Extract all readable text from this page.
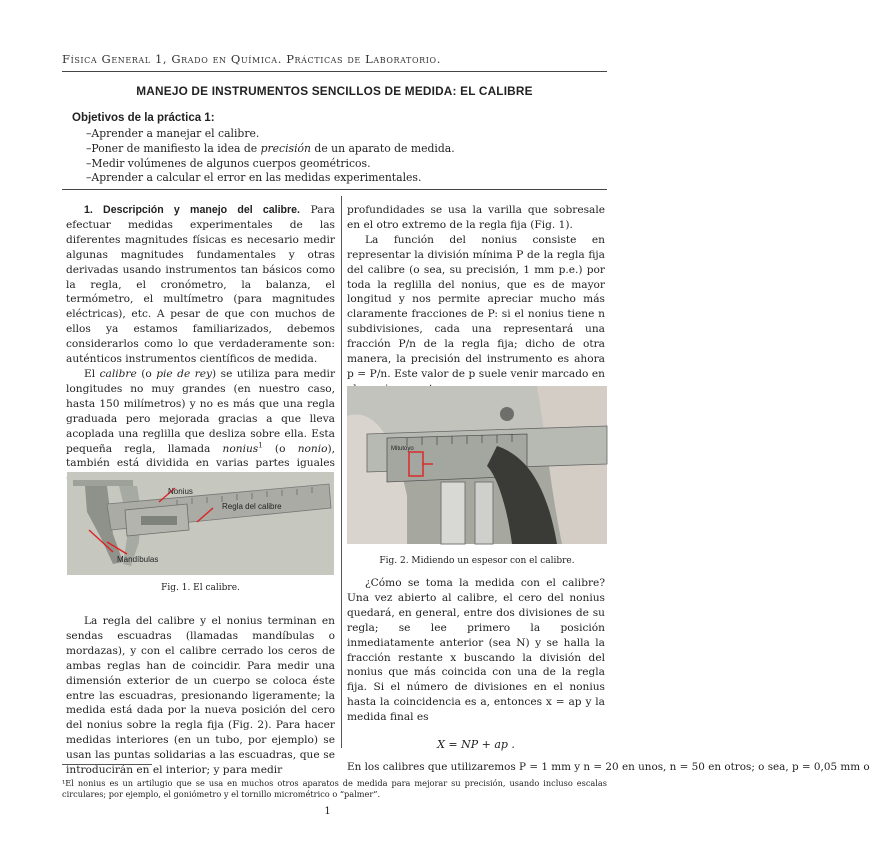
Física General 1, Grado en Química. Prácticas de Laboratorio.
MANEJO DE INSTRUMENTOS SENCILLOS DE MEDIDA: EL CALIBRE
Objetivos de la práctica 1:
–Aprender a manejar el calibre.
–Poner de manifiesto la idea de precisión de un aparato de medida.
–Medir volúmenes de algunos cuerpos geométricos.
–Aprender a calcular el error en las medidas experimentales.

1. Descripción y manejo del calibre. Para efectuar medidas experimentales de las diferentes magnitudes físicas es necesario medir algunas magnitudes fundamentales y otras derivadas usando instrumentos tan básicos como la regla, el cronómetro, la balanza, el termómetro, el multímetro (para magnitudes eléctricas), etc. A pesar de que con muchos de ellos ya estamos familiarizados, debemos considerarlos como lo que verdaderamente son: auténticos instrumentos científicos de medida.

El calibre (o pie de rey) se utiliza para medir longitudes no muy grandes (en nuestro caso, hasta 150 milímetros) y no es más que una regla graduada pero mejorada gracias a que lleva acoplada una reglilla que desliza sobre ella. Esta pequeña regla, llamada nonius$^1$ (o nonio), también está dividida en varias partes iguales

Nonius
Regla del calibre
Mandíbulas
Fig. 1. El calibre.

La regla del calibre y el nonius terminan en sendas escuadras (llamadas mandíbulas o mordazas), y con el calibre cerrado los ceros de ambas reglas han de coincidir. Para medir una dimensión exterior de un cuerpo se coloca éste entre las escuadras, presionando ligeramente; la medida está dada por la nueva posición del cero del nonius sobre la regla fija (Fig. 2). Para hacer medidas interiores (en un tubo, por ejemplo) se usan las puntas solidarias a las escuadras, que se introducirán en el interior; y para medir

profundidades se usa la varilla que sobresale en el otro extremo de la regla fija (Fig. 1).

La función del nonius consiste en representar la división mínima P de la regla fija del calibre (o sea, su precisión, 1 mm p.e.) por toda la reglilla del nonius, que es de mayor longitud y nos permite apreciar mucho más claramente fracciones de P: si el nonius tiene n subdivisiones, cada una representará una fracción P/n de la regla fija; dicho de otra manera, la precisión del instrumento es ahora p = P/n. Este valor de p suele venir marcado en

Mitutoyo
Fig. 2. Midiendo un espesor con el calibre.

¿Cómo se toma la medida con el calibre? Una vez abierto al calibre, el cero del nonius quedará, en general, entre dos divisiones de su regla; se lee primero la posición inmediatamente anterior (sea N) y se halla la fracción restante x buscando la división del nonius que más coincida con una de la regla fija. Si el número de divisiones en el nonius hasta la coincidencia es a, entonces x = ap y la medida final es

X = NP + ap .

En los calibres que utilizaremos P = 1 mm y n = 20 en unos, n = 50 en otros; o sea, p = 0,05 mm o

¹El nonius es un artilugio que se usa en muchos otros aparatos de medida para mejorar su precisión, usando incluso escalas circulares; por ejemplo, el goniómetro y el tornillo micrométrico o “palmer”.
1
